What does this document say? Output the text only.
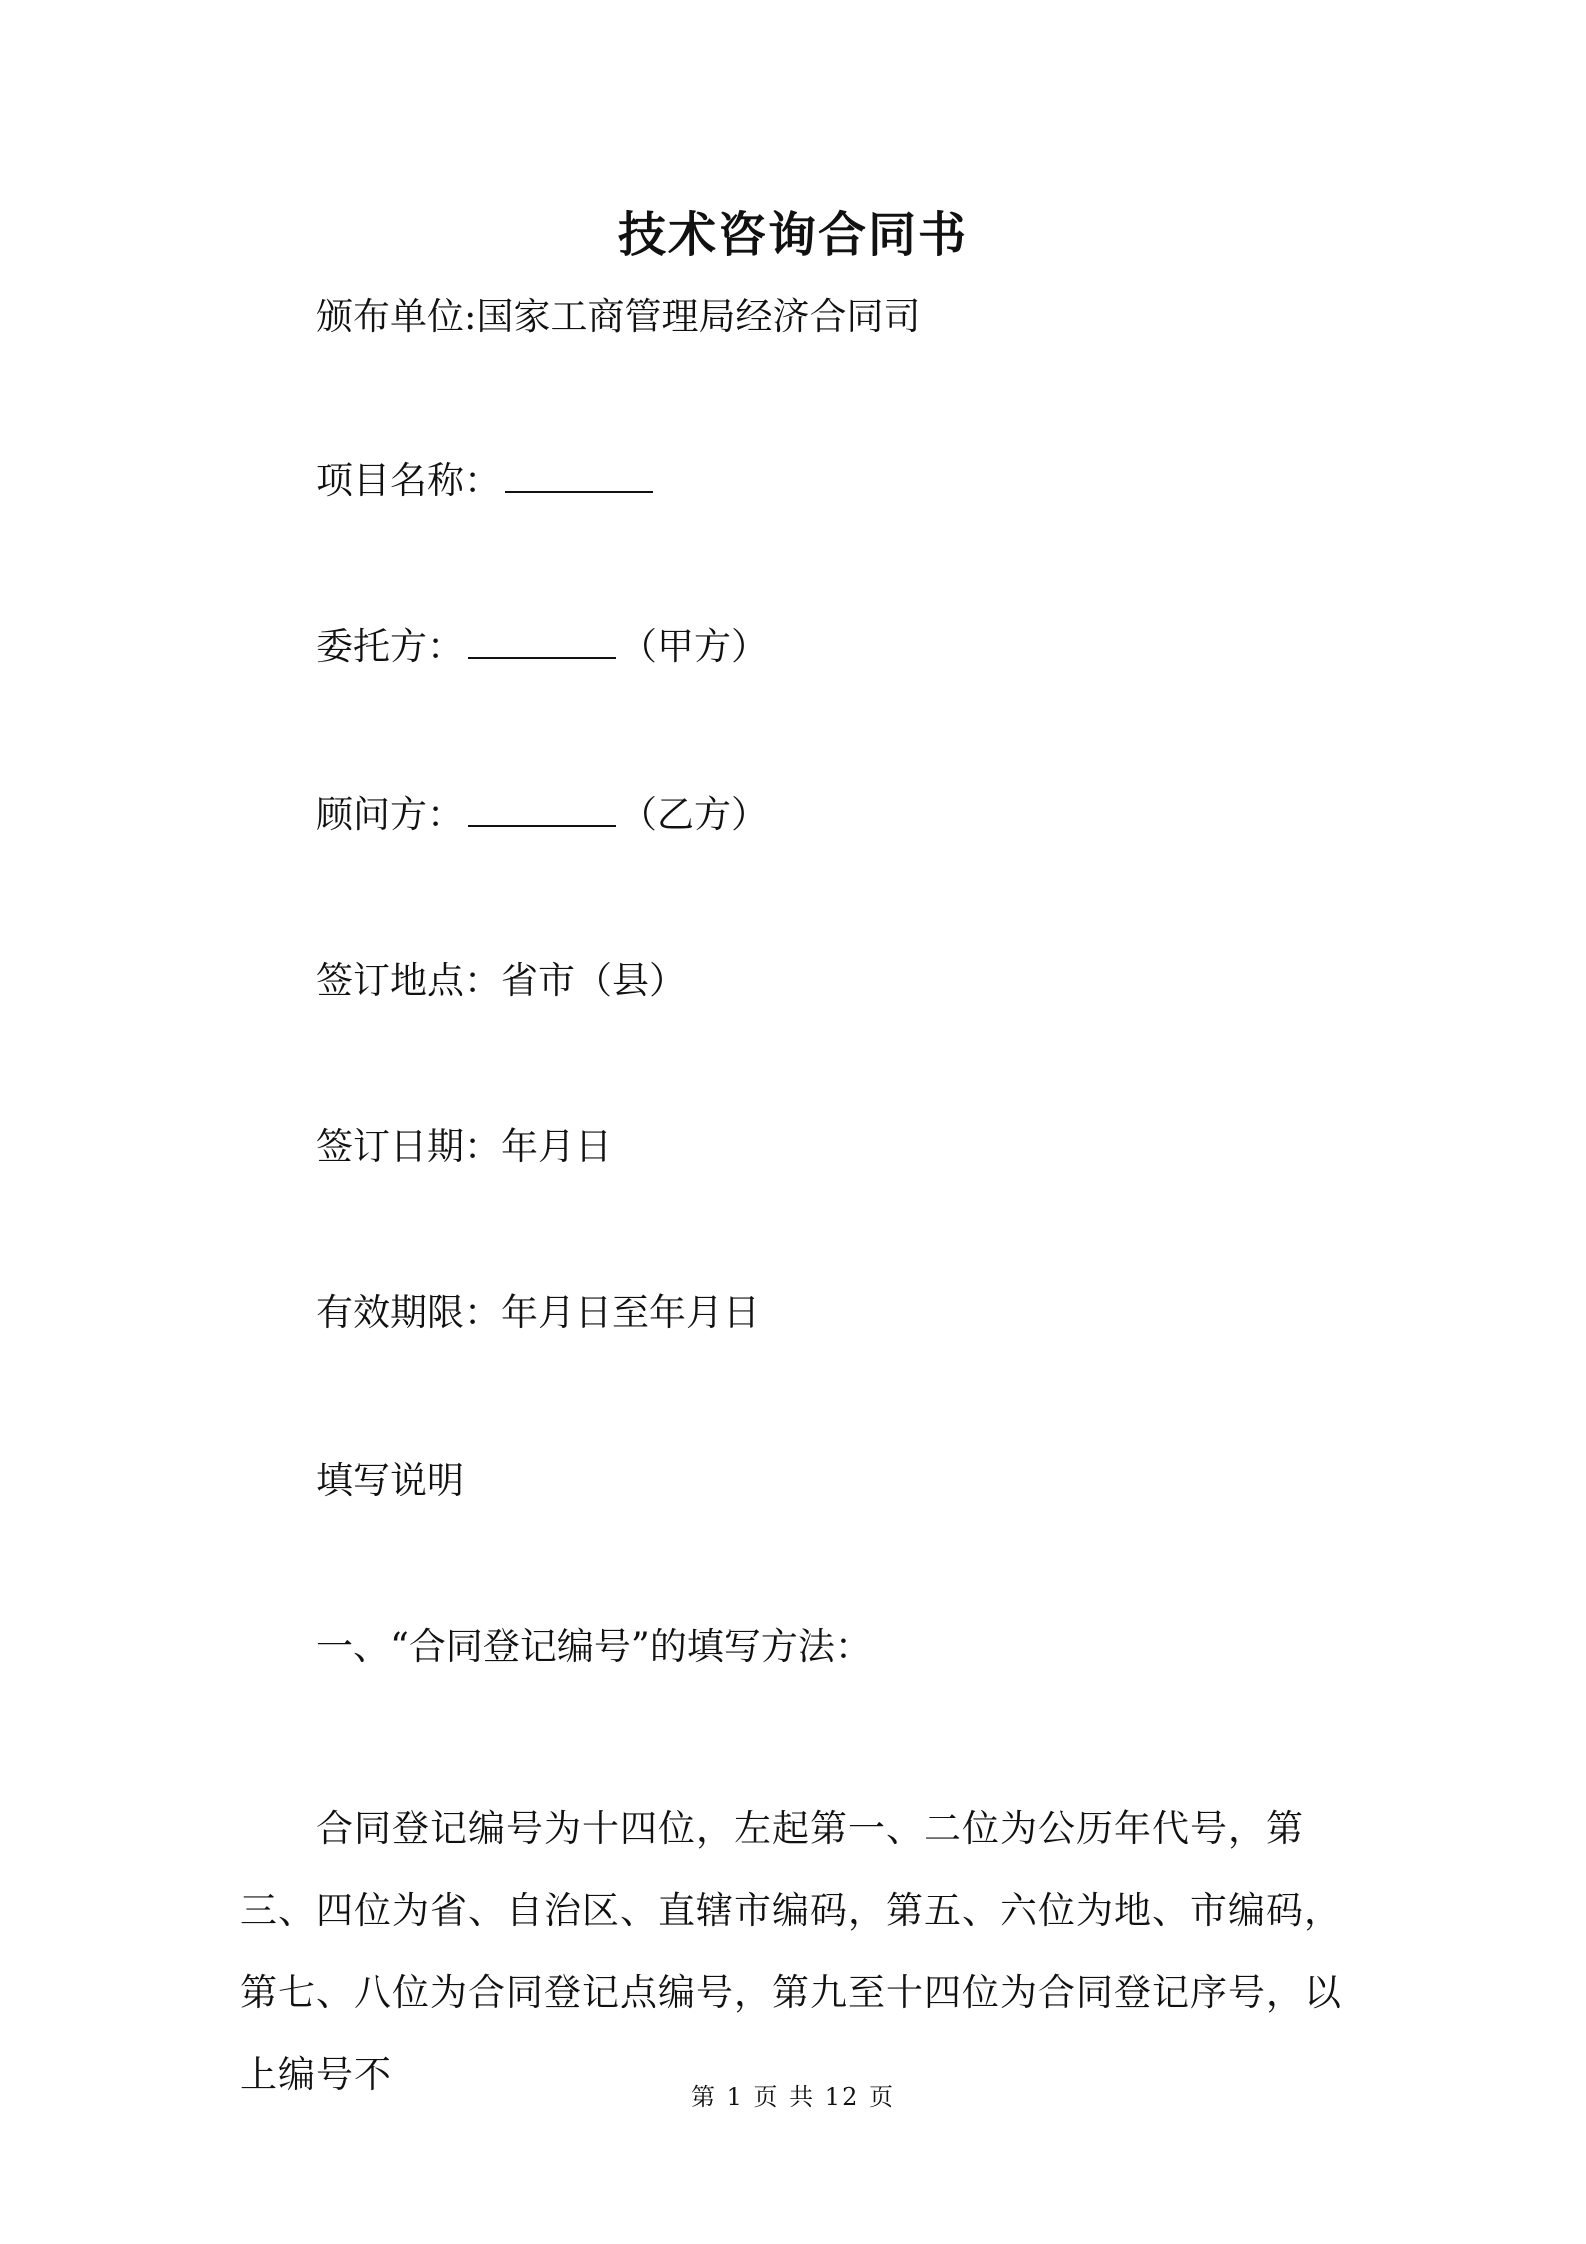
技术咨询合同书
颁布单位:国家工商管理局经济合同司
项目名称：
委托方：	（甲方）
顾问方：	（乙方）
签订地点：省市（县）
签订日期：年月日
有效期限：年月日至年月日
填写说明
一、“合同登记编号”的填写方法：
合同登记编号为十四位，左起第一、二位为公历年代号，第三、四位为省、自治区、直辖市编码，第五、六位为地、市编码，第七、八位为合同登记点编号，第九至十四位为合同登记序号，以上编号不
第 1 页 共 12 页
